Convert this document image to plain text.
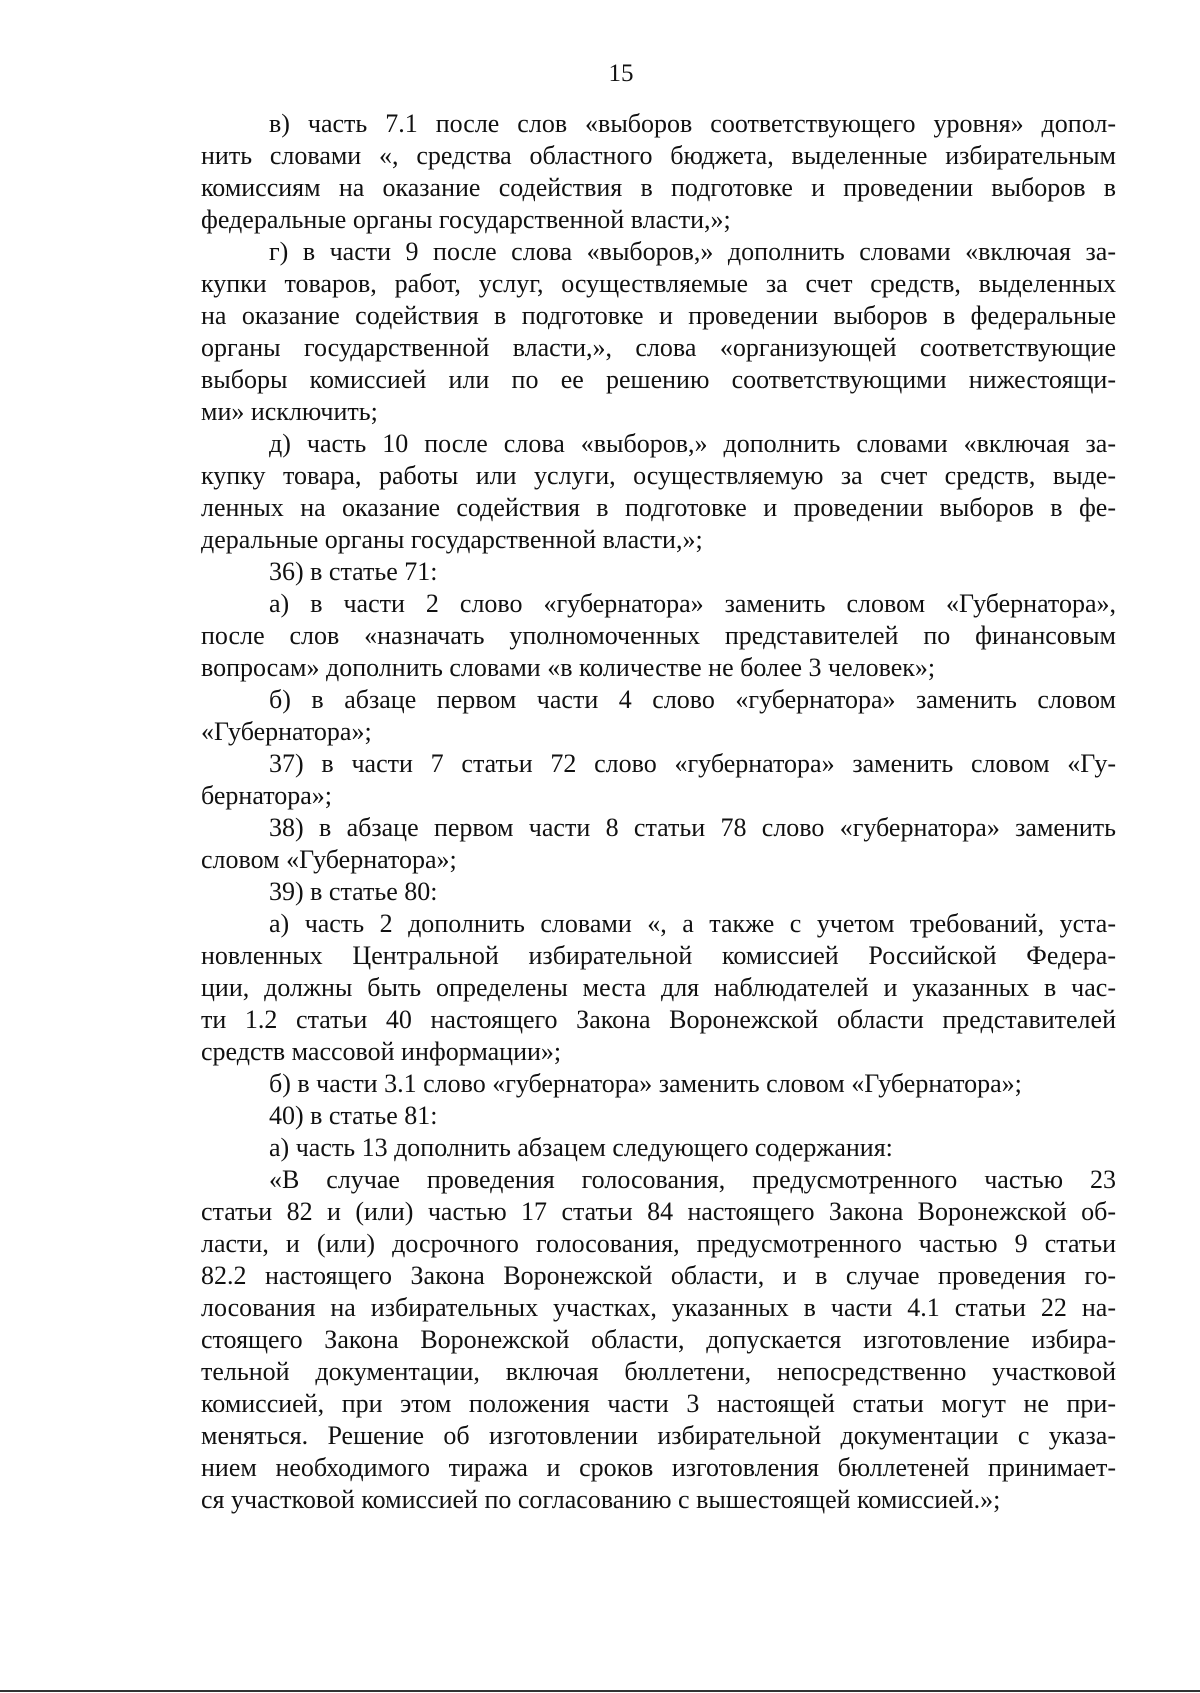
15
в) часть 7.1 после слов «выборов соответствующего уровня» допол-
нить словами «, средства областного бюджета, выделенные избирательным
комиссиям на оказание содействия в подготовке и проведении выборов в
федеральные органы государственной власти,»;
г) в части 9 после слова «выборов,» дополнить словами «включая за-
купки товаров, работ, услуг, осуществляемые за счет средств, выделенных
на оказание содействия в подготовке и проведении выборов в федеральные
органы государственной власти,», слова «организующей соответствующие
выборы комиссией или по ее решению соответствующими нижестоящи-
ми» исключить;
д) часть 10 после слова «выборов,» дополнить словами «включая за-
купку товара, работы или услуги, осуществляемую за счет средств, выде-
ленных на оказание содействия в подготовке и проведении выборов в фе-
деральные органы государственной власти,»;
36) в статье 71:
а) в части 2 слово «губернатора» заменить словом «Губернатора»,
после слов «назначать уполномоченных представителей по финансовым
вопросам» дополнить словами «в количестве не более 3 человек»;
б) в абзаце первом части 4 слово «губернатора» заменить словом
«Губернатора»;
37) в части 7 статьи 72 слово «губернатора» заменить словом «Гу-
бернатора»;
38) в абзаце первом части 8 статьи 78 слово «губернатора» заменить
словом «Губернатора»;
39) в статье 80:
а) часть 2 дополнить словами «, а также с учетом требований, уста-
новленных Центральной избирательной комиссией Российской Федера-
ции, должны быть определены места для наблюдателей и указанных в час-
ти 1.2 статьи 40 настоящего Закона Воронежской области представителей
средств массовой информации»;
б) в части 3.1 слово «губернатора» заменить словом «Губернатора»;
40) в статье 81:
а) часть 13 дополнить абзацем следующего содержания:
«В случае проведения голосования, предусмотренного частью 23
статьи 82 и (или) частью 17 статьи 84 настоящего Закона Воронежской об-
ласти, и (или) досрочного голосования, предусмотренного частью 9 статьи
82.2 настоящего Закона Воронежской области, и в случае проведения го-
лосования на избирательных участках, указанных в части 4.1 статьи 22 на-
стоящего Закона Воронежской области, допускается изготовление избира-
тельной документации, включая бюллетени, непосредственно участковой
комиссией, при этом положения части 3 настоящей статьи могут не при-
меняться. Решение об изготовлении избирательной документации с указа-
нием необходимого тиража и сроков изготовления бюллетеней принимает-
ся участковой комиссией по согласованию с вышестоящей комиссией.»;
